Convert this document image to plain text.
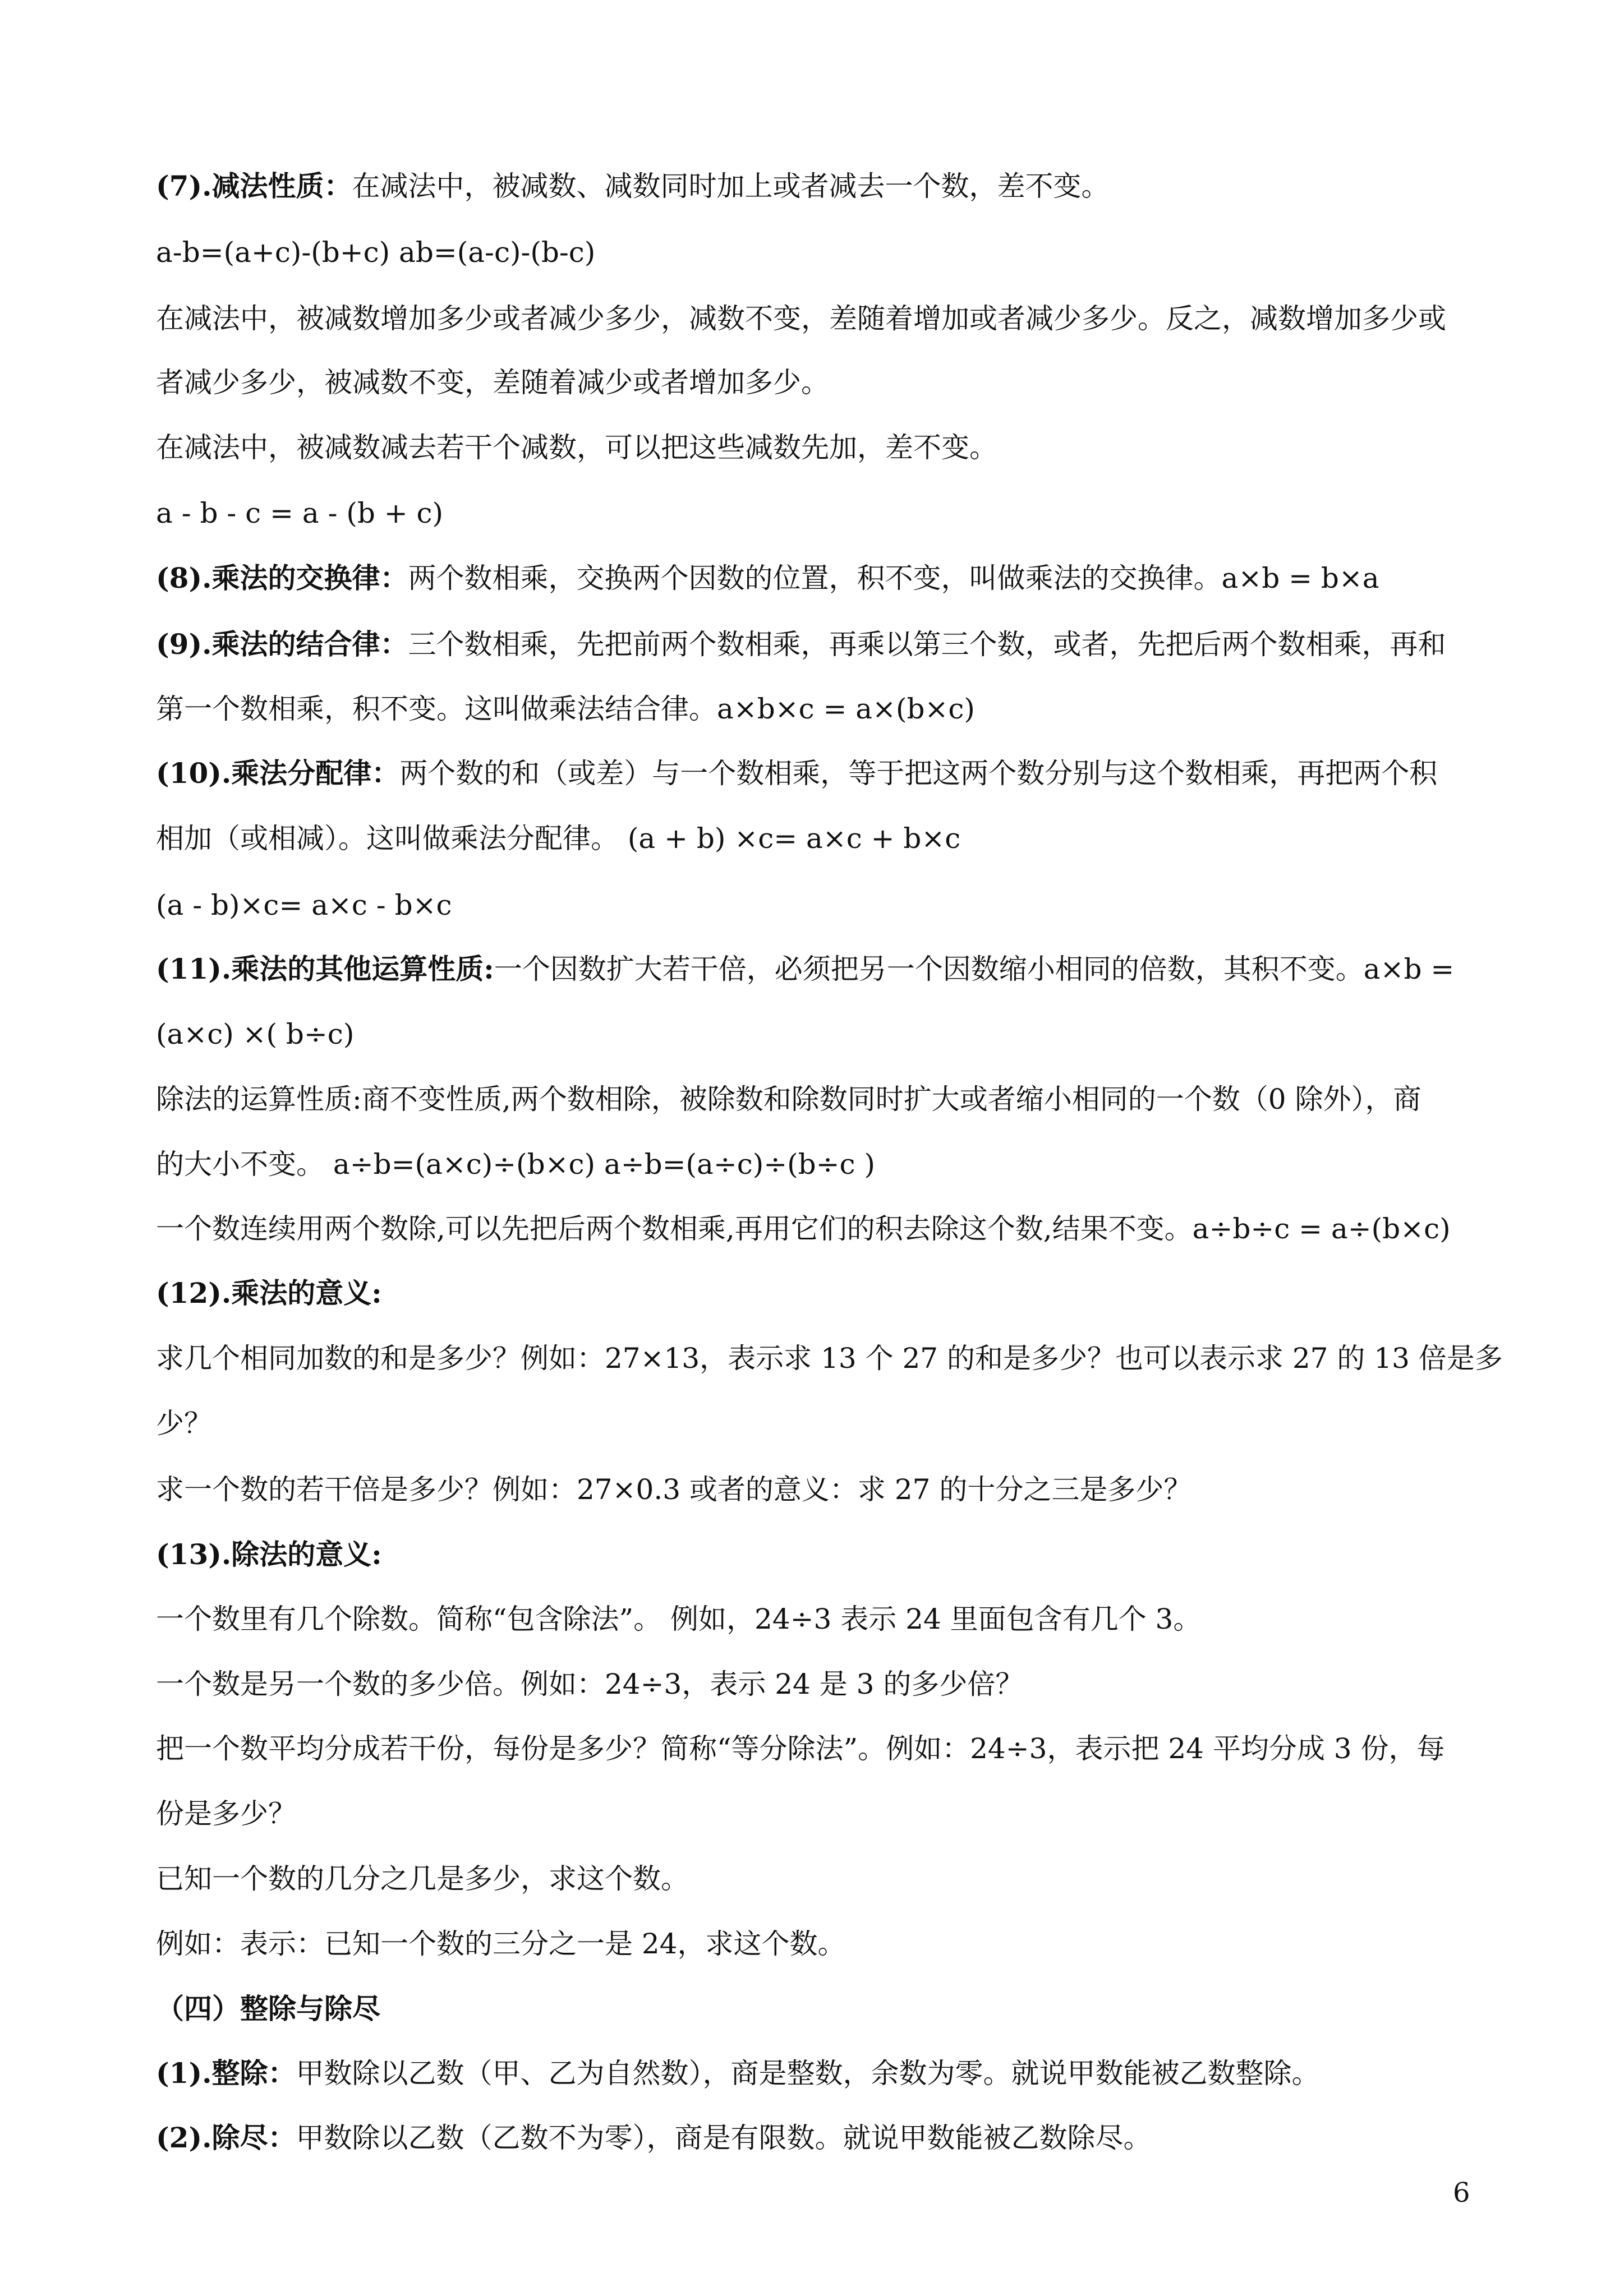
(7).减法性质：在减法中，被减数、减数同时加上或者减去一个数，差不变。

a-b=(a+c)-(b+c) ab=(a-c)-(b-c)

在减法中，被减数增加多少或者减少多少，减数不变，差随着增加或者减少多少。反之，减数增加多少或

者减少多少，被减数不变，差随着减少或者增加多少。

在减法中，被减数减去若干个减数，可以把这些减数先加，差不变。

a - b - c = a - (b + c)

(8).乘法的交换律：两个数相乘，交换两个因数的位置，积不变，叫做乘法的交换律。a×b = b×a

(9).乘法的结合律：三个数相乘，先把前两个数相乘，再乘以第三个数，或者，先把后两个数相乘，再和

第一个数相乘，积不变。这叫做乘法结合律。a×b×c = a×(b×c)

(10).乘法分配律：两个数的和（或差）与一个数相乘，等于把这两个数分别与这个数相乘，再把两个积

相加（或相减）。这叫做乘法分配律。 (a + b) ×c= a×c + b×c

(a - b)×c= a×c - b×c

(11).乘法的其他运算性质:一个因数扩大若干倍，必须把另一个因数缩小相同的倍数，其积不变。a×b =

(a×c) ×( b÷c)

除法的运算性质:商不变性质,两个数相除，被除数和除数同时扩大或者缩小相同的一个数（0 除外），商

的大小不变。 a÷b=(a×c)÷(b×c) a÷b=(a÷c)÷(b÷c )

一个数连续用两个数除,可以先把后两个数相乘,再用它们的积去除这个数,结果不变。a÷b÷c = a÷(b×c)

(12).乘法的意义:

求几个相同加数的和是多少？例如：27×13，表示求 13 个 27 的和是多少？也可以表示求 27 的 13 倍是多

少？

求一个数的若干倍是多少？例如：27×0.3 或者的意义：求 27 的十分之三是多少？

(13).除法的意义:

一个数里有几个除数。简称“包含除法”。 例如，24÷3 表示 24 里面包含有几个 3。

一个数是另一个数的多少倍。例如：24÷3，表示 24 是 3 的多少倍？

把一个数平均分成若干份，每份是多少？简称“等分除法”。例如：24÷3，表示把 24 平均分成 3 份，每

份是多少？

已知一个数的几分之几是多少，求这个数。

例如：表示：已知一个数的三分之一是 24，求这个数。

（四）整除与除尽

(1).整除：甲数除以乙数（甲、乙为自然数），商是整数，余数为零。就说甲数能被乙数整除。

(2).除尽：甲数除以乙数（乙数不为零），商是有限数。就说甲数能被乙数除尽。

6
